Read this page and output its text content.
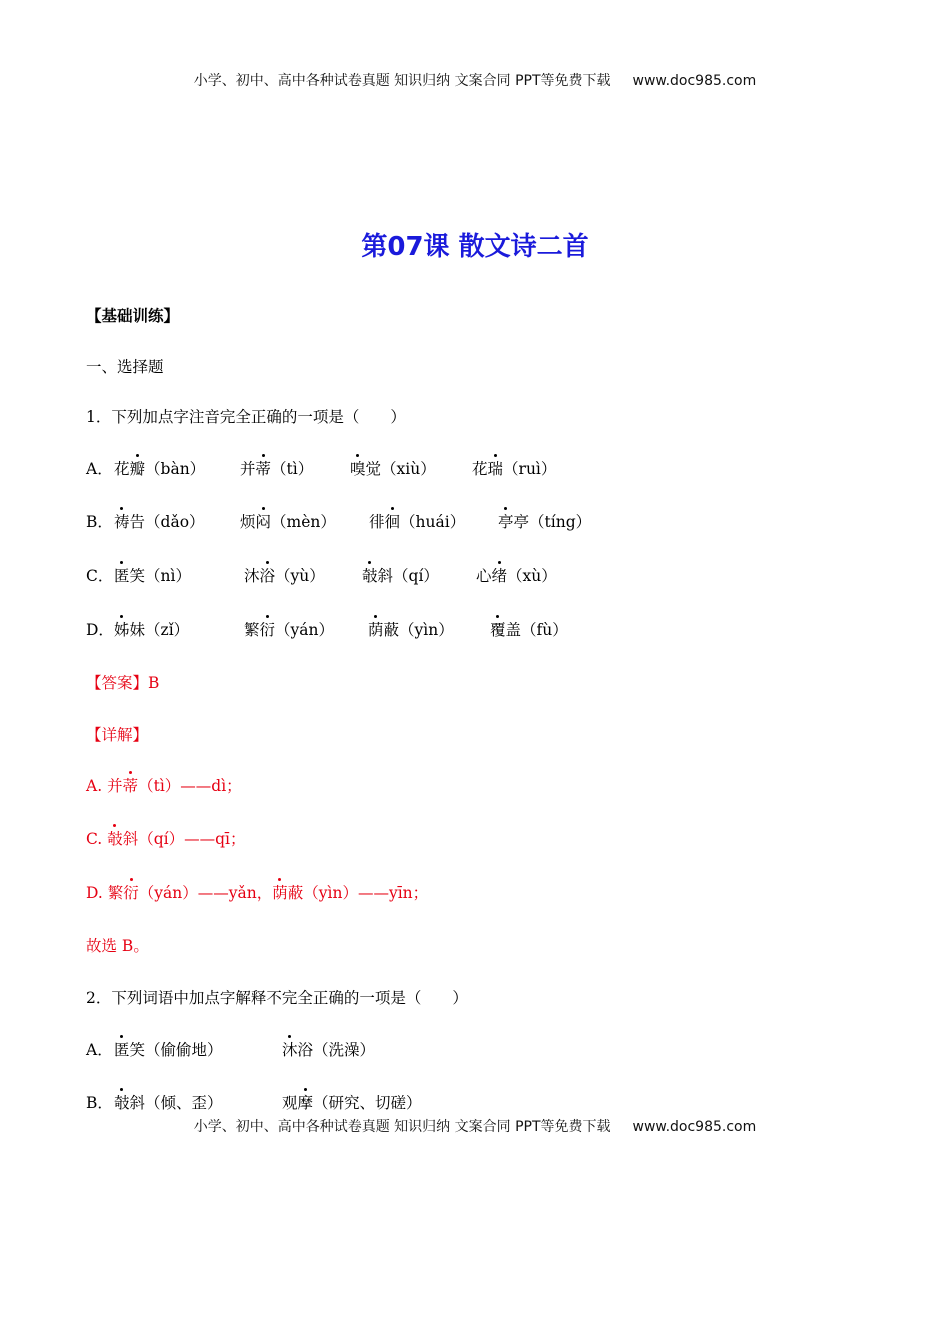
小学、初中、高中各种试卷真题 知识归纳 文案合同 PPT等免费下载 www.doc985.com
第07课 散文诗二首
【基础训练】
一、选择题
1．下列加点字注音完全正确的一项是（　　）
A． 花瓣（bàn） 并蒂（tì） 嗅觉（xiù） 花瑞（ruì）
B． 祷告（dǎo） 烦闷（mèn） 徘徊（huái） 亭亭（tíng）
C． 匿笑（nì）	沐浴（yù） 攲斜（qí） 心绪（xù）
D． 姊妹（zǐ）	繁衍（yán） 荫蔽（yìn） 覆盖（fù）
【答案】B
【详解】
A. 并蒂（tì）——dì；
C. 攲斜（qí）——qī；
D. 繁衍（yán）——yǎn，荫蔽（yìn）——yīn；
故选 B。
2．下列词语中加点字解释不完全正确的一项是（　　）
A． 匿笑（偷偷地）	沐浴（洗澡）
B． 攲斜（倾、歪）	观摩（研究、切磋）
小学、初中、高中各种试卷真题 知识归纳 文案合同 PPT等免费下载 www.doc985.com
